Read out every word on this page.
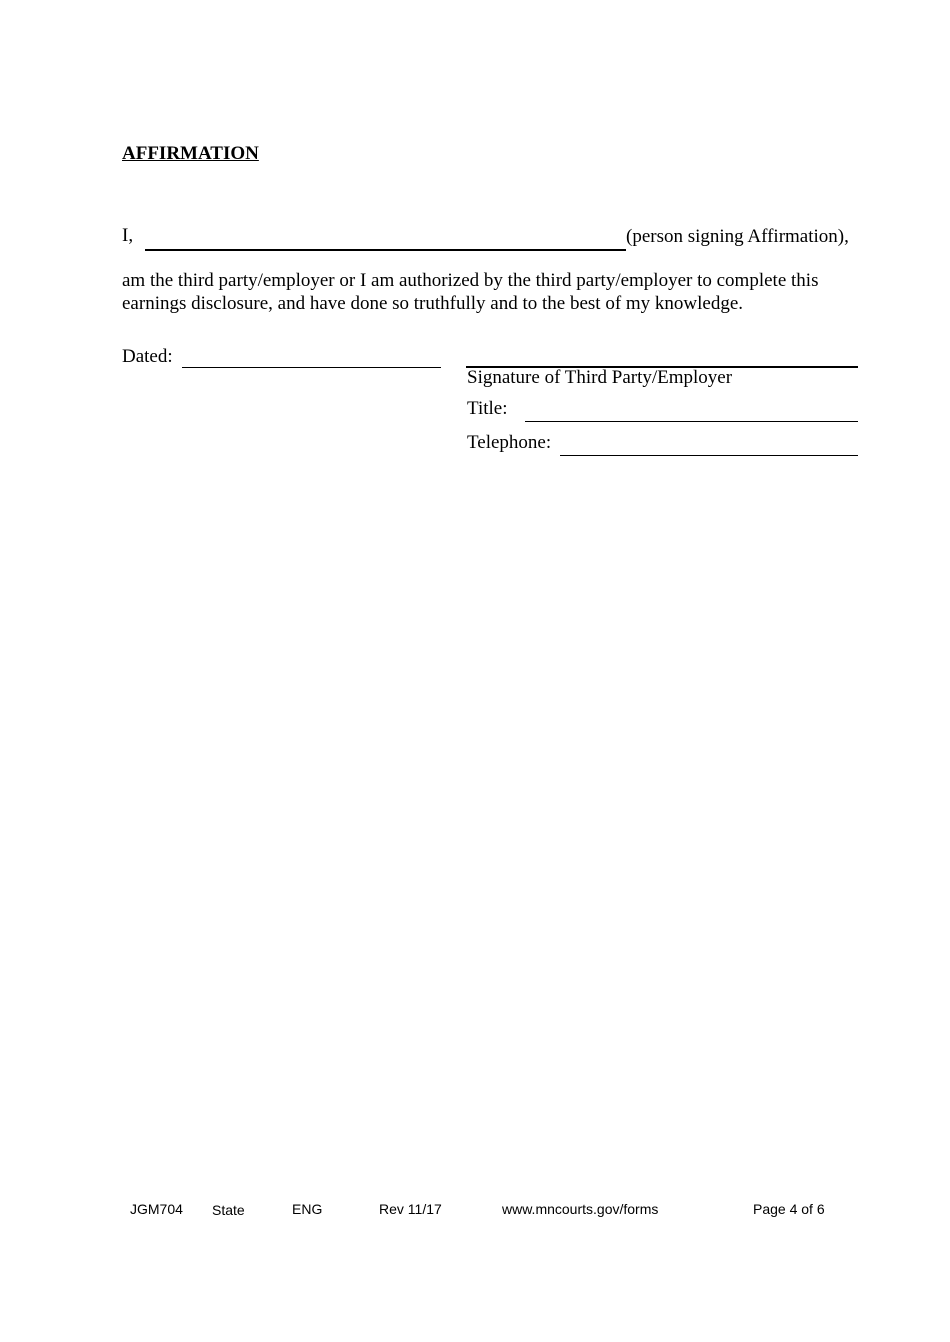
AFFIRMATION
I,	(person signing Affirmation),
am the third party/employer or I am authorized by the third party/employer to complete this
earnings disclosure, and have done so truthfully and to the best of my knowledge.
Dated:
Signature of Third Party/Employer
Title:
Telephone:
JGM704 State	ENG	Rev 11/17	www.mncourts.gov/forms	Page 4 of 6
